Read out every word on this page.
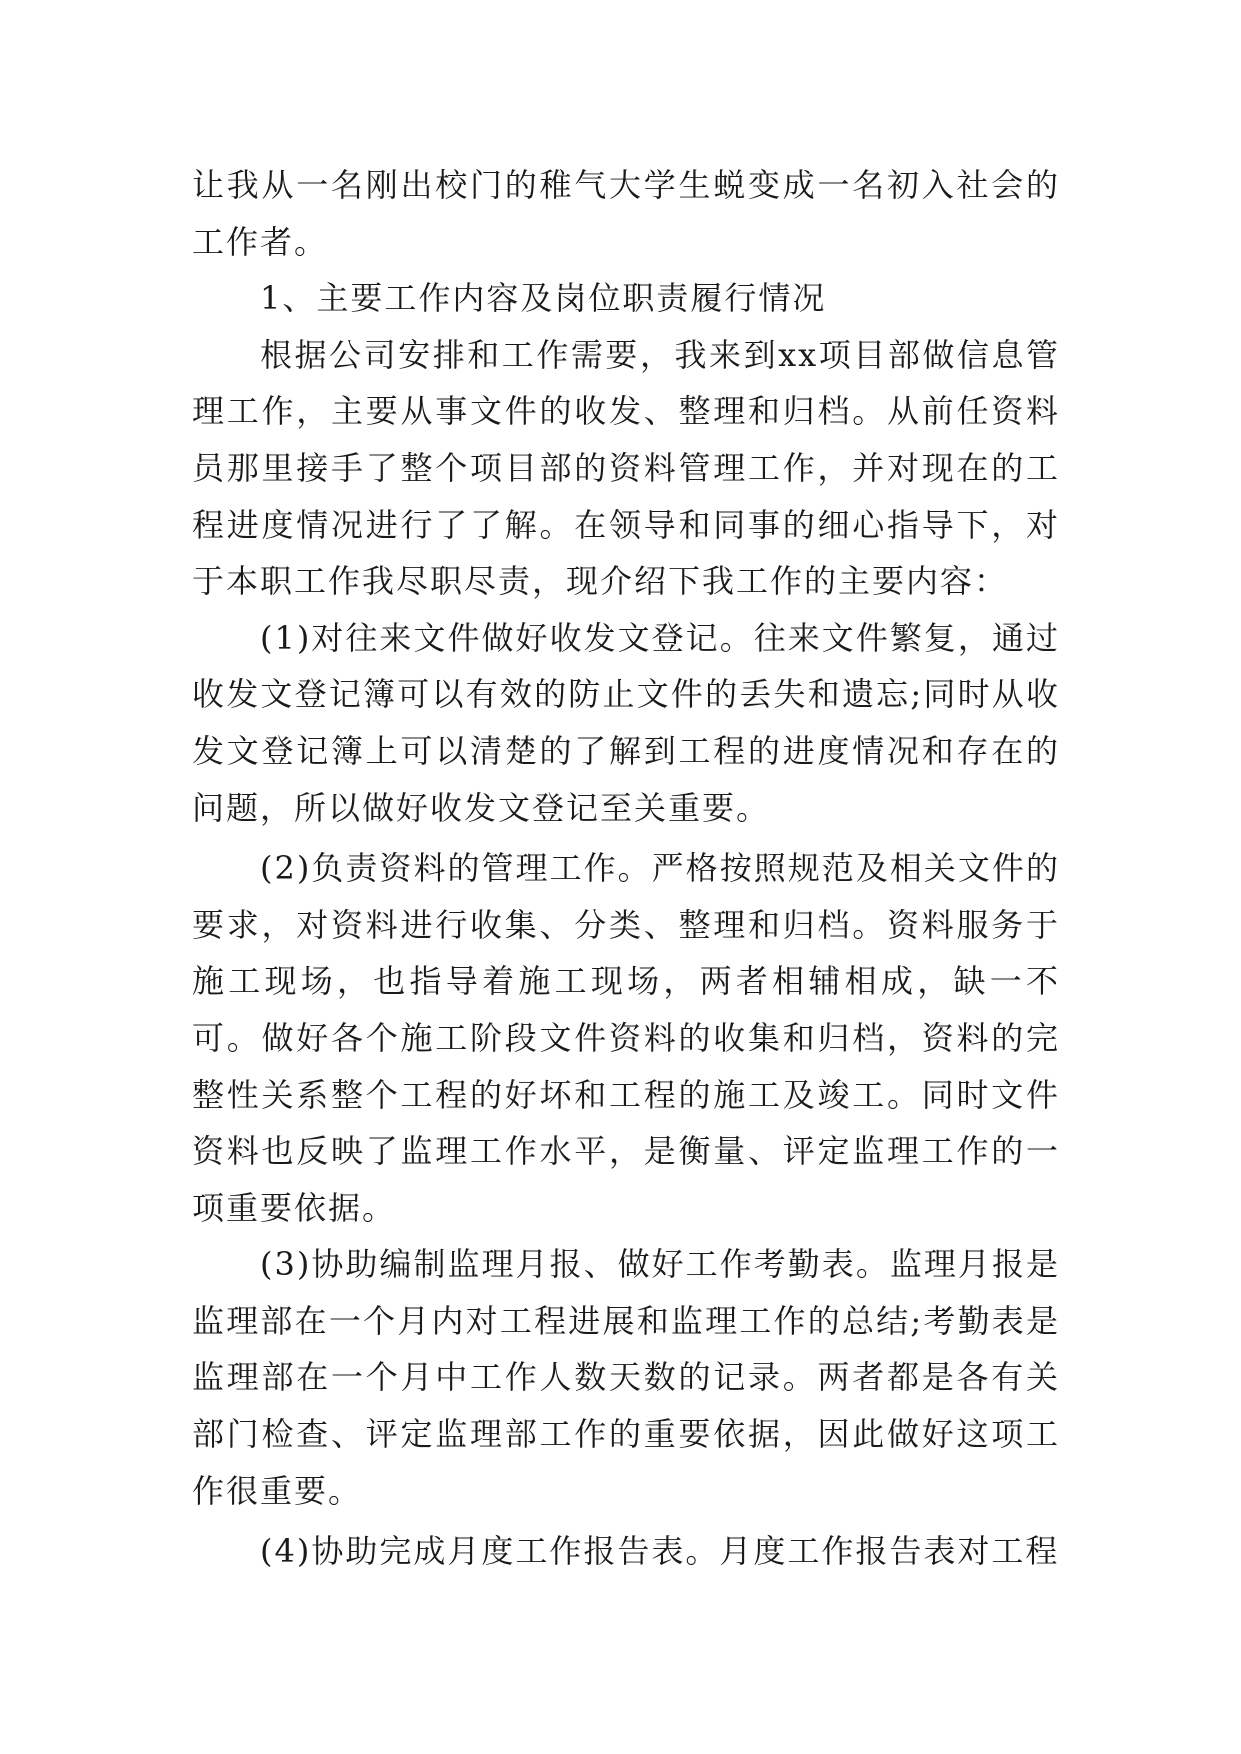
让我从一名刚出校门的稚气大学生蜕变成一名初入社会的工作者。

1、主要工作内容及岗位职责履行情况

根据公司安排和工作需要，我来到xx项目部做信息管理工作，主要从事文件的收发、整理和归档。从前任资料员那里接手了整个项目部的资料管理工作，并对现在的工程进度情况进行了了解。在领导和同事的细心指导下，对于本职工作我尽职尽责，现介绍下我工作的主要内容：

(1)对往来文件做好收发文登记。往来文件繁复，通过收发文登记簿可以有效的防止文件的丢失和遗忘;同时从收发文登记簿上可以清楚的了解到工程的进度情况和存在的问题，所以做好收发文登记至关重要。

(2)负责资料的管理工作。严格按照规范及相关文件的要求，对资料进行收集、分类、整理和归档。资料服务于施工现场，也指导着施工现场，两者相辅相成，缺一不可。做好各个施工阶段文件资料的收集和归档，资料的完整性关系整个工程的好坏和工程的施工及竣工。同时文件资料也反映了监理工作水平，是衡量、评定监理工作的一项重要依据。

(3)协助编制监理月报、做好工作考勤表。监理月报是监理部在一个月内对工程进展和监理工作的总结;考勤表是监理部在一个月中工作人数天数的记录。两者都是各有关部门检查、评定监理部工作的重要依据，因此做好这项工作很重要。

(4)协助完成月度工作报告表。月度工作报告表对工程
